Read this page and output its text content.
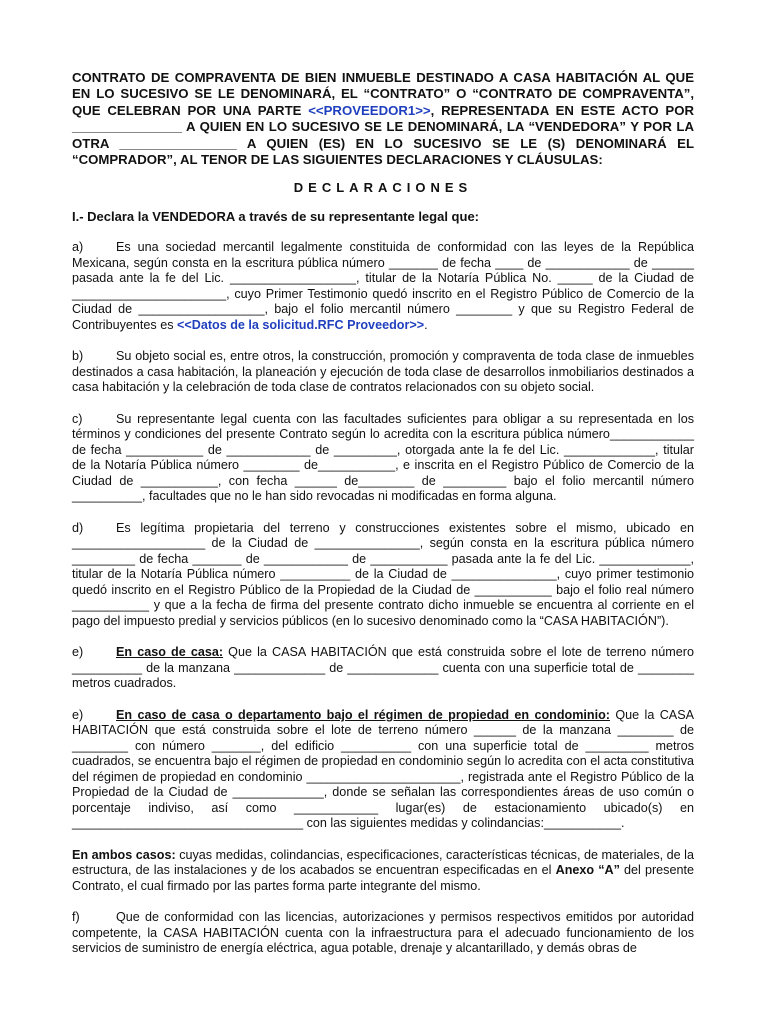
CONTRATO DE COMPRAVENTA DE BIEN INMUEBLE DESTINADO A CASA HABITACIÓN AL QUE EN LO SUCESIVO SE LE DENOMINARÁ, EL “CONTRATO” O “CONTRATO DE COMPRAVENTA”, QUE CELEBRAN POR UNA PARTE <<PROVEEDOR1>>, REPRESENTADA EN ESTE ACTO POR _______________ A QUIEN EN LO SUCESIVO SE LE DENOMINARÁ, LA “VENDEDORA” Y POR LA OTRA ________________ A QUIEN (ES) EN LO SUCESIVO SE LE (S) DENOMINARÁ EL “COMPRADOR”, AL TENOR DE LAS SIGUIENTES DECLARACIONES Y CLÁUSULAS:

DECLARACIONES

I.- Declara la VENDEDORA a través de su representante legal que:

a)	Es una sociedad mercantil legalmente constituida de conformidad con las leyes de la República Mexicana, según consta en la escritura pública número _______ de fecha ____ de ____________ de ______ pasada ante la fe del Lic. __________________, titular de la Notaría Pública No. _____ de la Ciudad de ______________________, cuyo Primer Testimonio quedó inscrito en el Registro Público de Comercio de la Ciudad de __________________, bajo el folio mercantil número ________ y que su Registro Federal de Contribuyentes es <<Datos de la solicitud.RFC Proveedor>>.

b)	Su objeto social es, entre otros, la construcción, promoción y compraventa de toda clase de inmuebles destinados a casa habitación, la planeación y ejecución de toda clase de desarrollos inmobiliarios destinados a casa habitación y la celebración de toda clase de contratos relacionados con su objeto social.

c)	Su representante legal cuenta con las facultades suficientes para obligar a su representada en los términos y condiciones del presente Contrato según lo acredita con la escritura pública número____________ de fecha ___________ de ____________ de _________, otorgada ante la fe del Lic. _____________, titular de la Notaría Pública número ________ de___________, e inscrita en el Registro Público de Comercio de la Ciudad de ___________, con fecha ______ de________ de _________ bajo el folio mercantil número __________, facultades que no le han sido revocadas ni modificadas en forma alguna.

d)	Es legítima propietaria del terreno y construcciones existentes sobre el mismo, ubicado en ___________________ de la Ciudad de _______________, según consta en la escritura pública número _________ de fecha _______ de ____________ de ___________ pasada ante la fe del Lic. _____________, titular de la Notaría Pública número __________ de la Ciudad de _______________, cuyo primer testimonio quedó inscrito en el Registro Público de la Propiedad de la Ciudad de ___________ bajo el folio real número ___________ y que a la fecha de firma del presente contrato dicho inmueble se encuentra al corriente en el pago del impuesto predial y servicios públicos (en lo sucesivo denominado como la “CASA HABITACIÓN”).

e)	En caso de casa: Que la CASA HABITACIÓN que está construida sobre el lote de terreno número __________ de la manzana _____________ de _____________ cuenta con una superficie total de ________ metros cuadrados.

e)	En caso de casa o departamento bajo el régimen de propiedad en condominio: Que la CASA HABITACIÓN que está construida sobre el lote de terreno número ______ de la manzana ________ de ________ con número _______, del edificio __________ con una superficie total de _________ metros cuadrados, se encuentra bajo el régimen de propiedad en condominio según lo acredita con el acta constitutiva del régimen de propiedad en condominio ______________________, registrada ante el Registro Público de la Propiedad de la Ciudad de _____________, donde se señalan las correspondientes áreas de uso común o porcentaje indiviso, así como ____________ lugar(es) de estacionamiento ubicado(s) en _________________________________ con las siguientes medidas y colindancias:___________.

En ambos casos: cuyas medidas, colindancias, especificaciones, características técnicas, de materiales, de la estructura, de las instalaciones y de los acabados se encuentran especificadas en el Anexo “A” del presente Contrato, el cual firmado por las partes forma parte integrante del mismo.

f)	Que de conformidad con las licencias, autorizaciones y permisos respectivos emitidos por autoridad competente, la CASA HABITACIÓN cuenta con la infraestructura para el adecuado funcionamiento de los servicios de suministro de energía eléctrica, agua potable, drenaje y alcantarillado, y demás obras de
